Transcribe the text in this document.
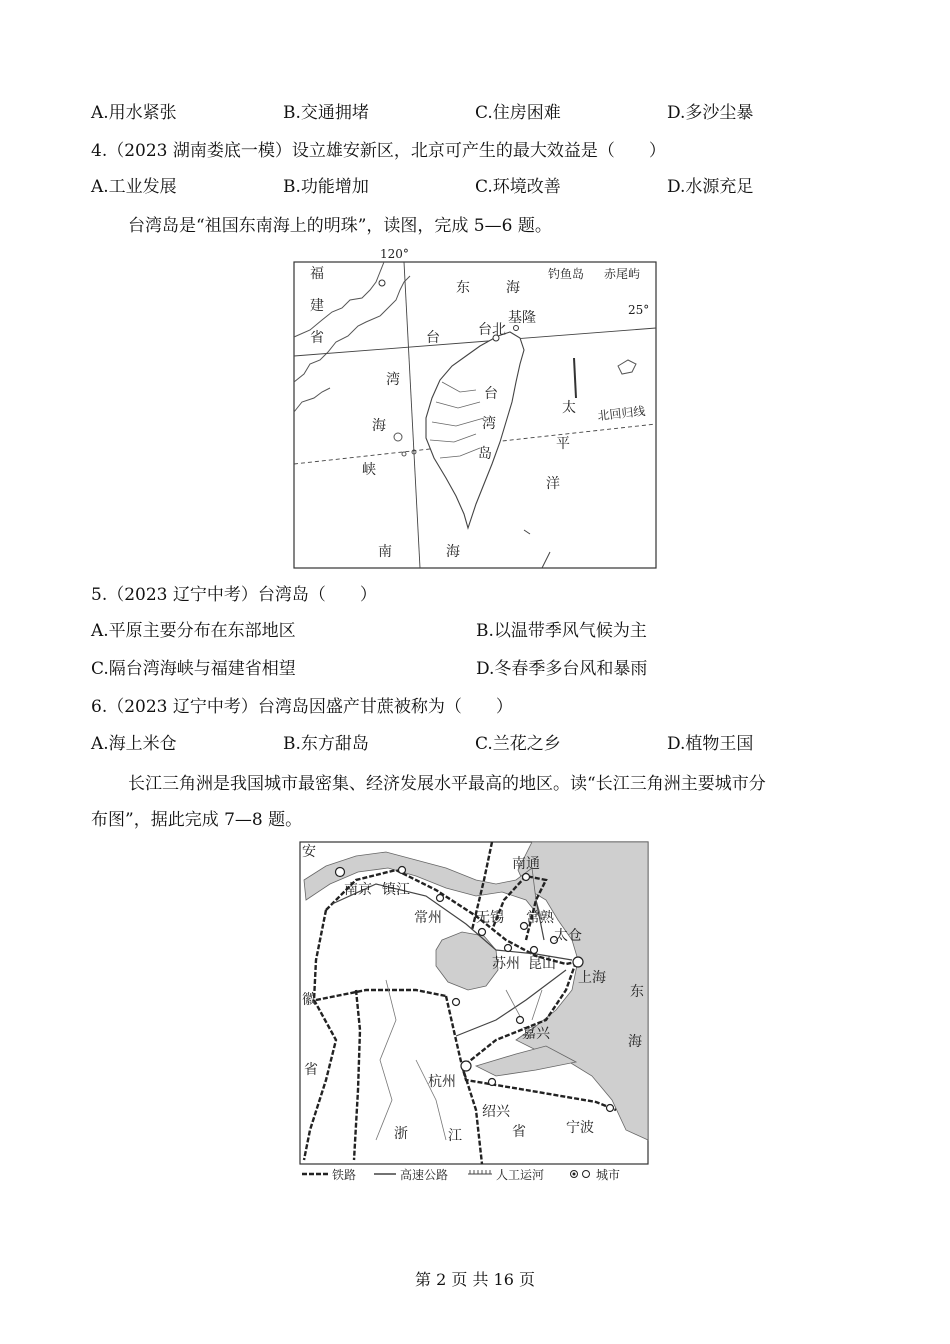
A.用水紧张	B.交通拥堵	C.住房困难	D.多沙尘暴
4.（2023 湖南娄底一模）设立雄安新区，北京可产生的最大效益是（　　）
A.工业发展	B.功能增加	C.环境改善	D.水源充足
台湾岛是“祖国东南海上的明珠”，读图，完成 5—6 题。
120°
25°
北回归线
福
建
省
东	海
钓鱼岛 赤尾屿
台北
基隆
台
湾
海
峡
台
湾
岛
太
平
洋
南	海
5.（2023 辽宁中考）台湾岛（　　）
A.平原主要分布在东部地区	B.以温带季风气候为主
C.隔台湾海峡与福建省相望	D.冬春季多台风和暴雨
6.（2023 辽宁中考）台湾岛因盛产甘蔗被称为（　　）
A.海上米仓	B.东方甜岛	C.兰花之乡	D.植物王国
长江三角洲是我国城市最密集、经济发展水平最高的地区。读“长江三角洲主要城市分
布图”，据此完成 7—8 题。
安
徽
省
浙	江	省
东
海
南通
南京 镇江
常州 无锡 常熟
太仓
苏州 昆山
上海
嘉兴
杭州
绍兴
宁波
铁路	高速公路	人工运河	城市
第 2 页 共 16 页
